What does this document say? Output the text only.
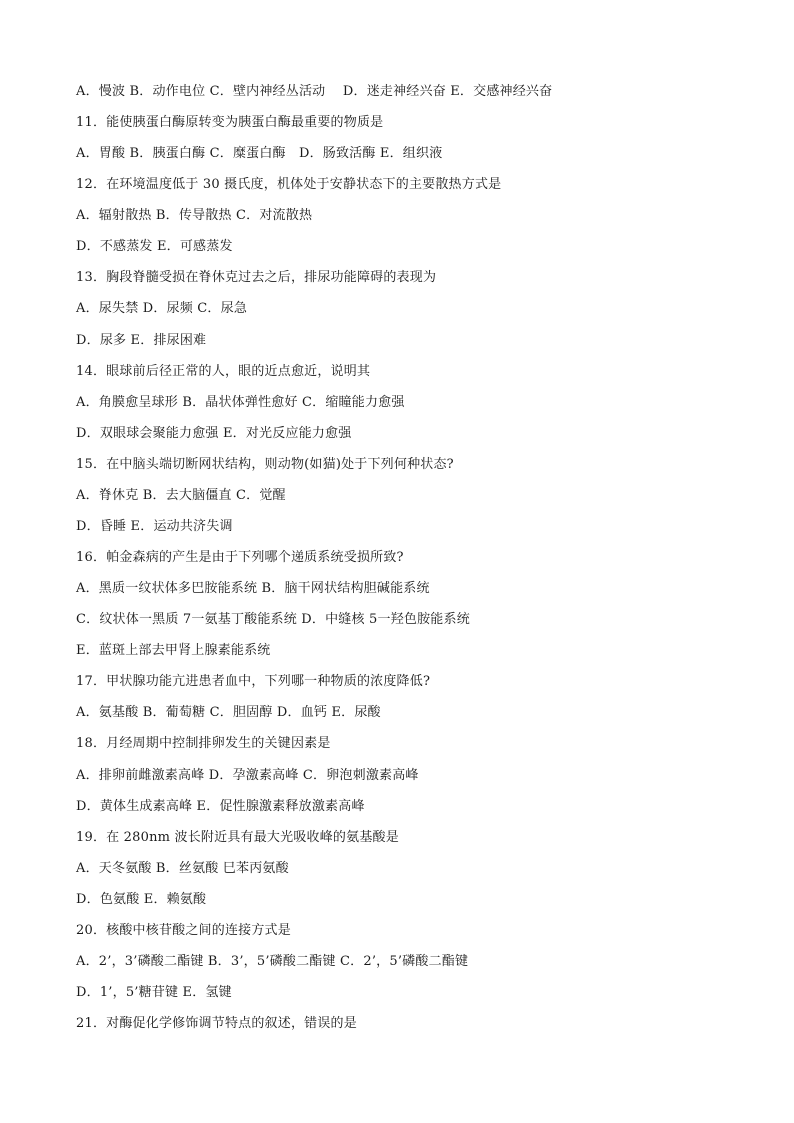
A．慢波 B．动作电位 C．壁内神经丛活动　 D．迷走神经兴奋 E．交感神经兴奋
11．能使胰蛋白酶原转变为胰蛋白酶最重要的物质是
A．胃酸 B．胰蛋白酶 C．糜蛋白酶　D．肠致活酶 E．组织液
12．在环境温度低于 30 摄氏度，机体处于安静状态下的主要散热方式是
A．辐射散热 B．传导散热 C．对流散热
D．不感蒸发 E．可感蒸发
13．胸段脊髓受损在脊休克过去之后，排尿功能障碍的表现为
A．尿失禁 D．尿频 C．尿急
D．尿多 E．排尿困难
14．眼球前后径正常的人，眼的近点愈近，说明其
A．角膜愈呈球形 B．晶状体弹性愈好 C．缩瞳能力愈强
D．双眼球会聚能力愈强 E．对光反应能力愈强
15．在中脑头端切断网状结构，则动物(如猫)处于下列何种状态?
A．脊休克 B．去大脑僵直 C．觉醒
D．昏睡 E．运动共济失调
16．帕金森病的产生是由于下列哪个递质系统受损所致?
A．黑质一纹状体多巴胺能系统 B．脑干网状结构胆碱能系统
C．纹状体一黑质 7一氨基丁酸能系统 D．中缝核 5一羟色胺能系统
E．蓝斑上部去甲肾上腺素能系统
17．甲状腺功能亢进患者血中，下列哪一种物质的浓度降低?
A．氨基酸 B．葡萄糖 C．胆固醇 D．血钙 E．尿酸
18．月经周期中控制排卵发生的关键因素是
A．排卵前雌激素高峰 D．孕激素高峰 C．卵泡刺激素高峰
D．黄体生成素高峰 E．促性腺激素释放激素高峰
19．在 280nm 波长附近具有最大光吸收峰的氨基酸是
A．天冬氨酸 B．丝氨酸 巳苯丙氨酸
D．色氨酸 E．赖氨酸
20．核酸中核苷酸之间的连接方式是
A．2’，3’磷酸二酯键 B．3’，5’磷酸二酯键 C．2’，5’磷酸二酯键
D．1’，5’糖苷键 E．氢键
21．对酶促化学修饰调节特点的叙述，错误的是
